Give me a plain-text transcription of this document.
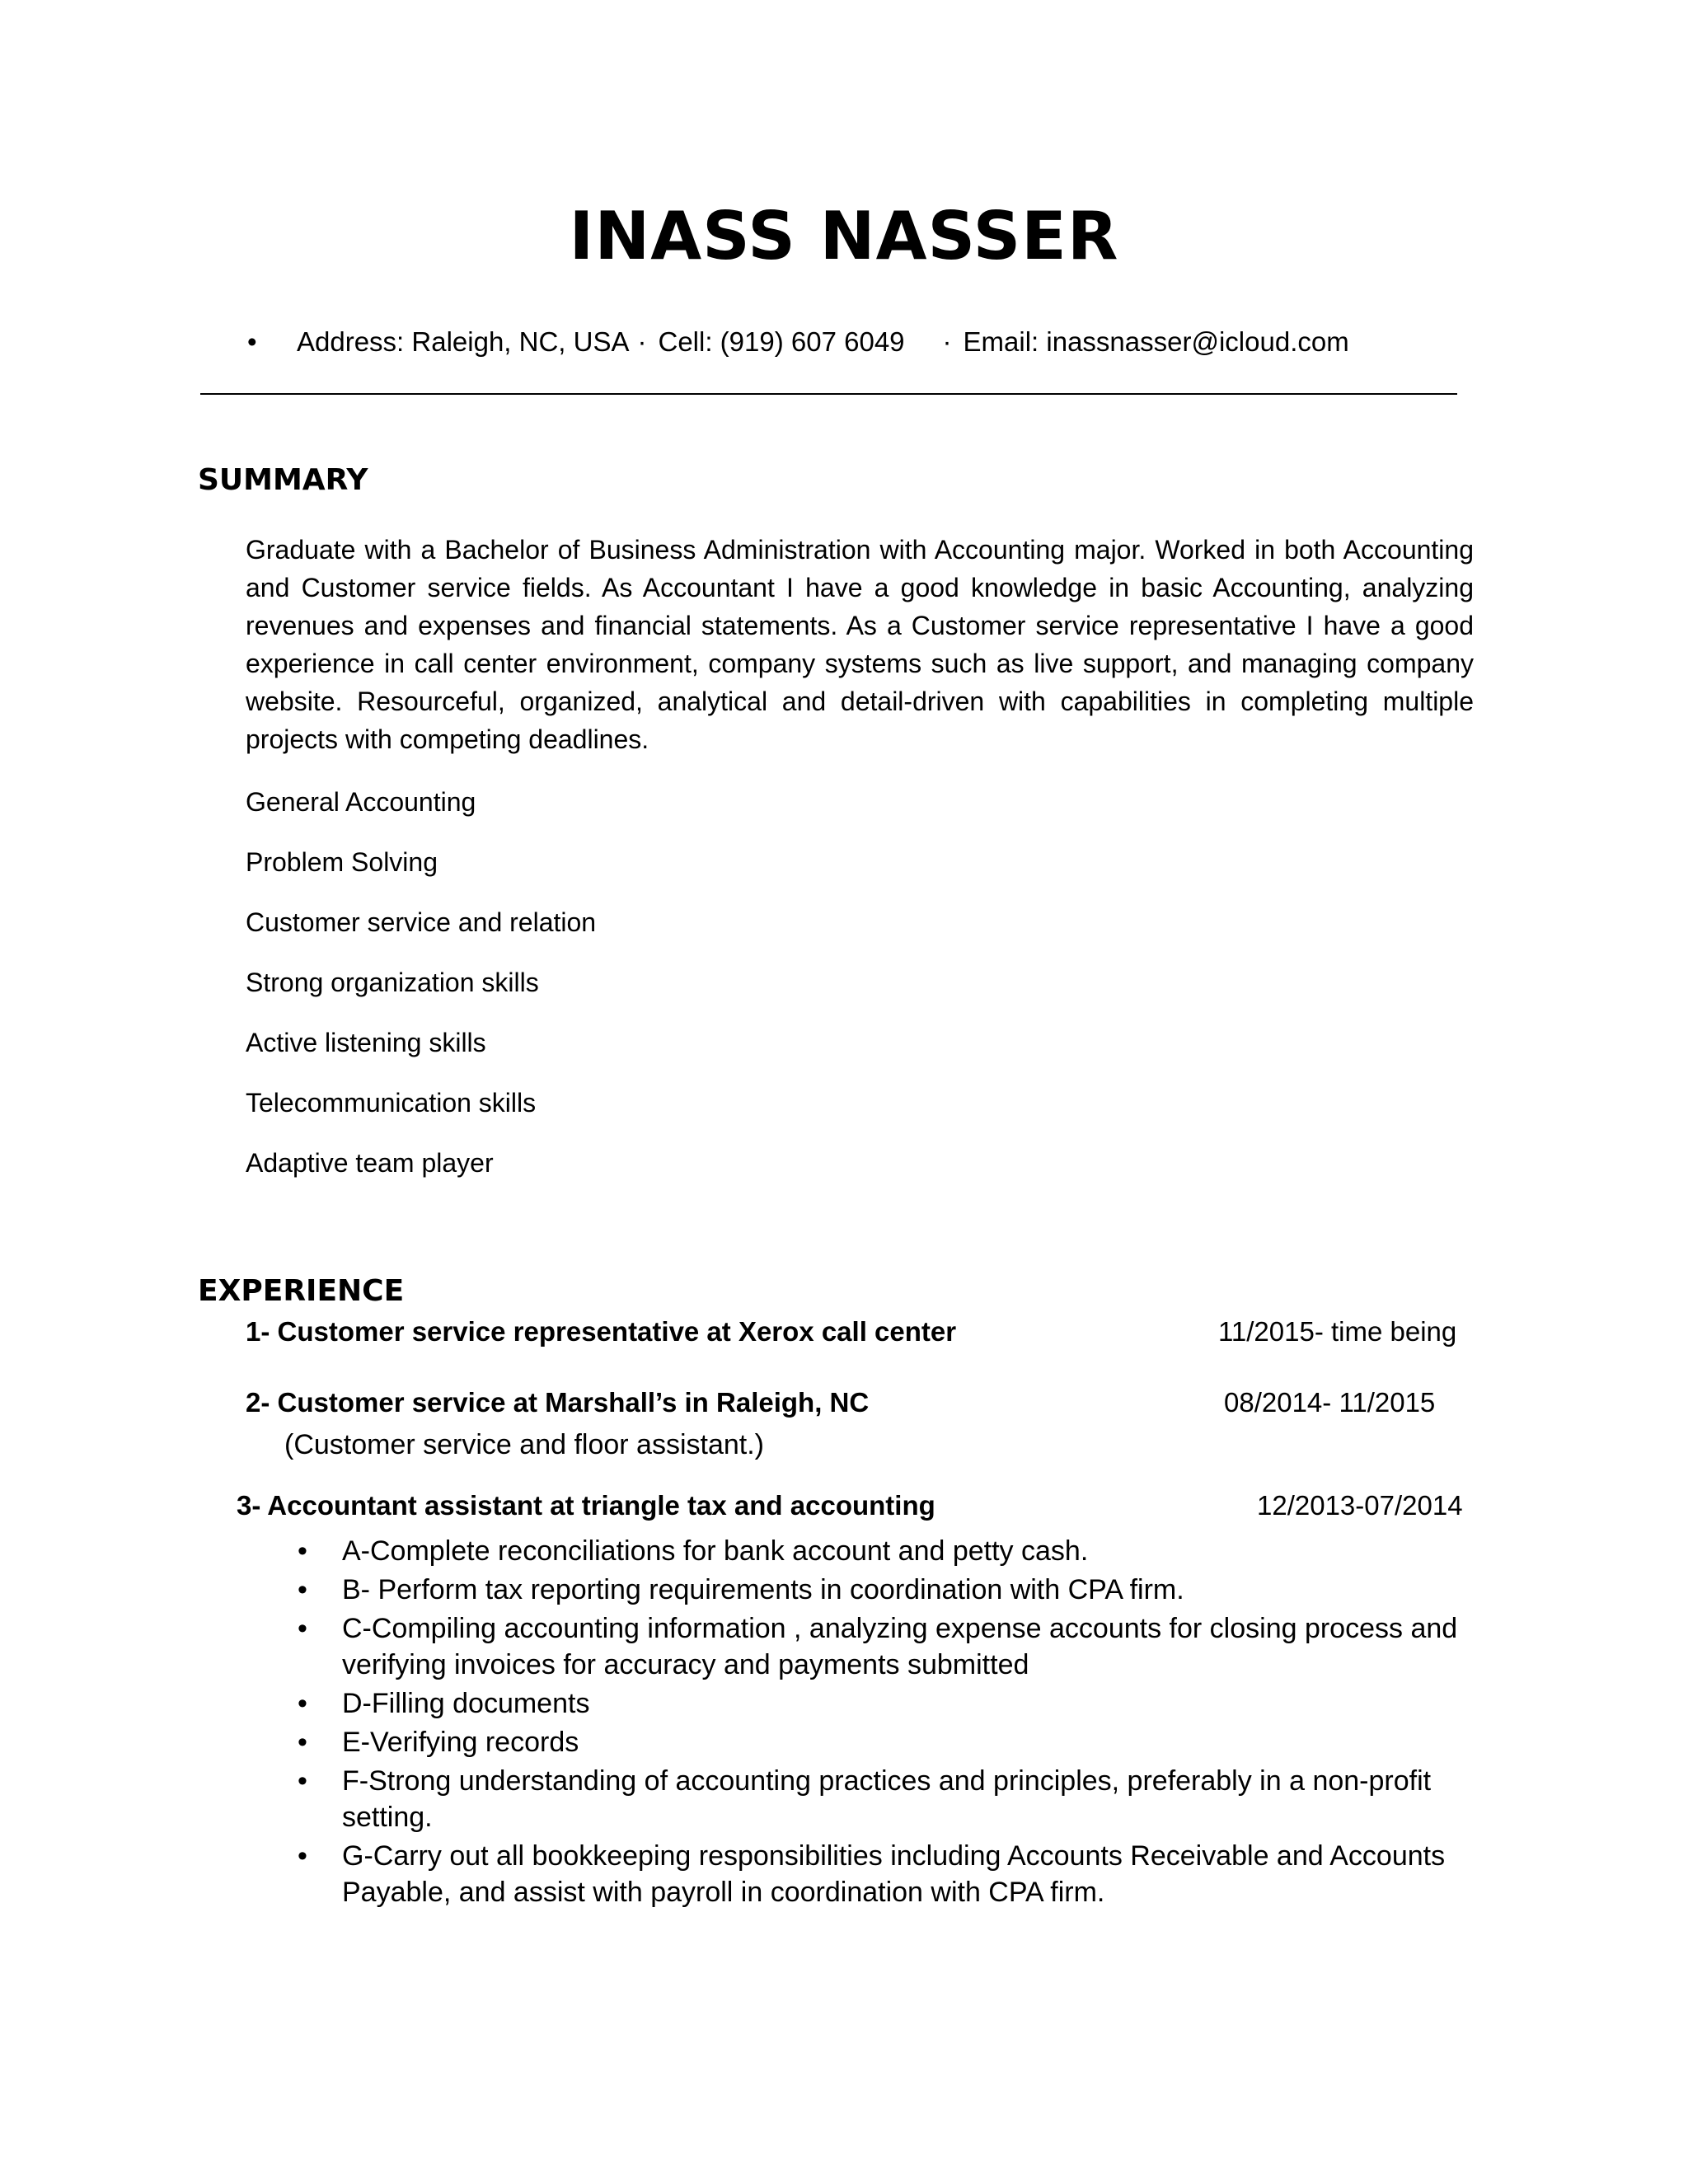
INASS NASSER
• Address: Raleigh, NC, USA · Cell: (919) 607 6049 · Email: inassnasser@icloud.com
SUMMARY
Graduate with a Bachelor of Business Administration with Accounting major. Worked in both Accounting and Customer service fields. As Accountant I have a good knowledge in basic Accounting, analyzing revenues and expenses and financial statements. As a Customer service representative I have a good experience in call center environment, company systems such as live support, and managing company website. Resourceful, organized, analytical and detail-driven with capabilities in completing multiple projects with competing deadlines.
General Accounting
Problem Solving
Customer service and relation
Strong organization skills
Active listening skills
Telecommunication skills
Adaptive team player
EXPERIENCE
1- Customer service representative at Xerox call center	11/2015- time being
2- Customer service at Marshall’s in Raleigh, NC	08/2014- 11/2015
(Customer service and floor assistant.)
3- Accountant assistant at triangle tax and accounting	12/2013-07/2014
• A-Complete reconciliations for bank account and petty cash.
• B- Perform tax reporting requirements in coordination with CPA firm.
• C-Compiling accounting information , analyzing expense accounts for closing process and verifying invoices for accuracy and payments submitted
• D-Filling documents
• E-Verifying records
• F-Strong understanding of accounting practices and principles, preferably in a non-profit setting.
• G-Carry out all bookkeeping responsibilities including Accounts Receivable and Accounts Payable, and assist with payroll in coordination with CPA firm.
